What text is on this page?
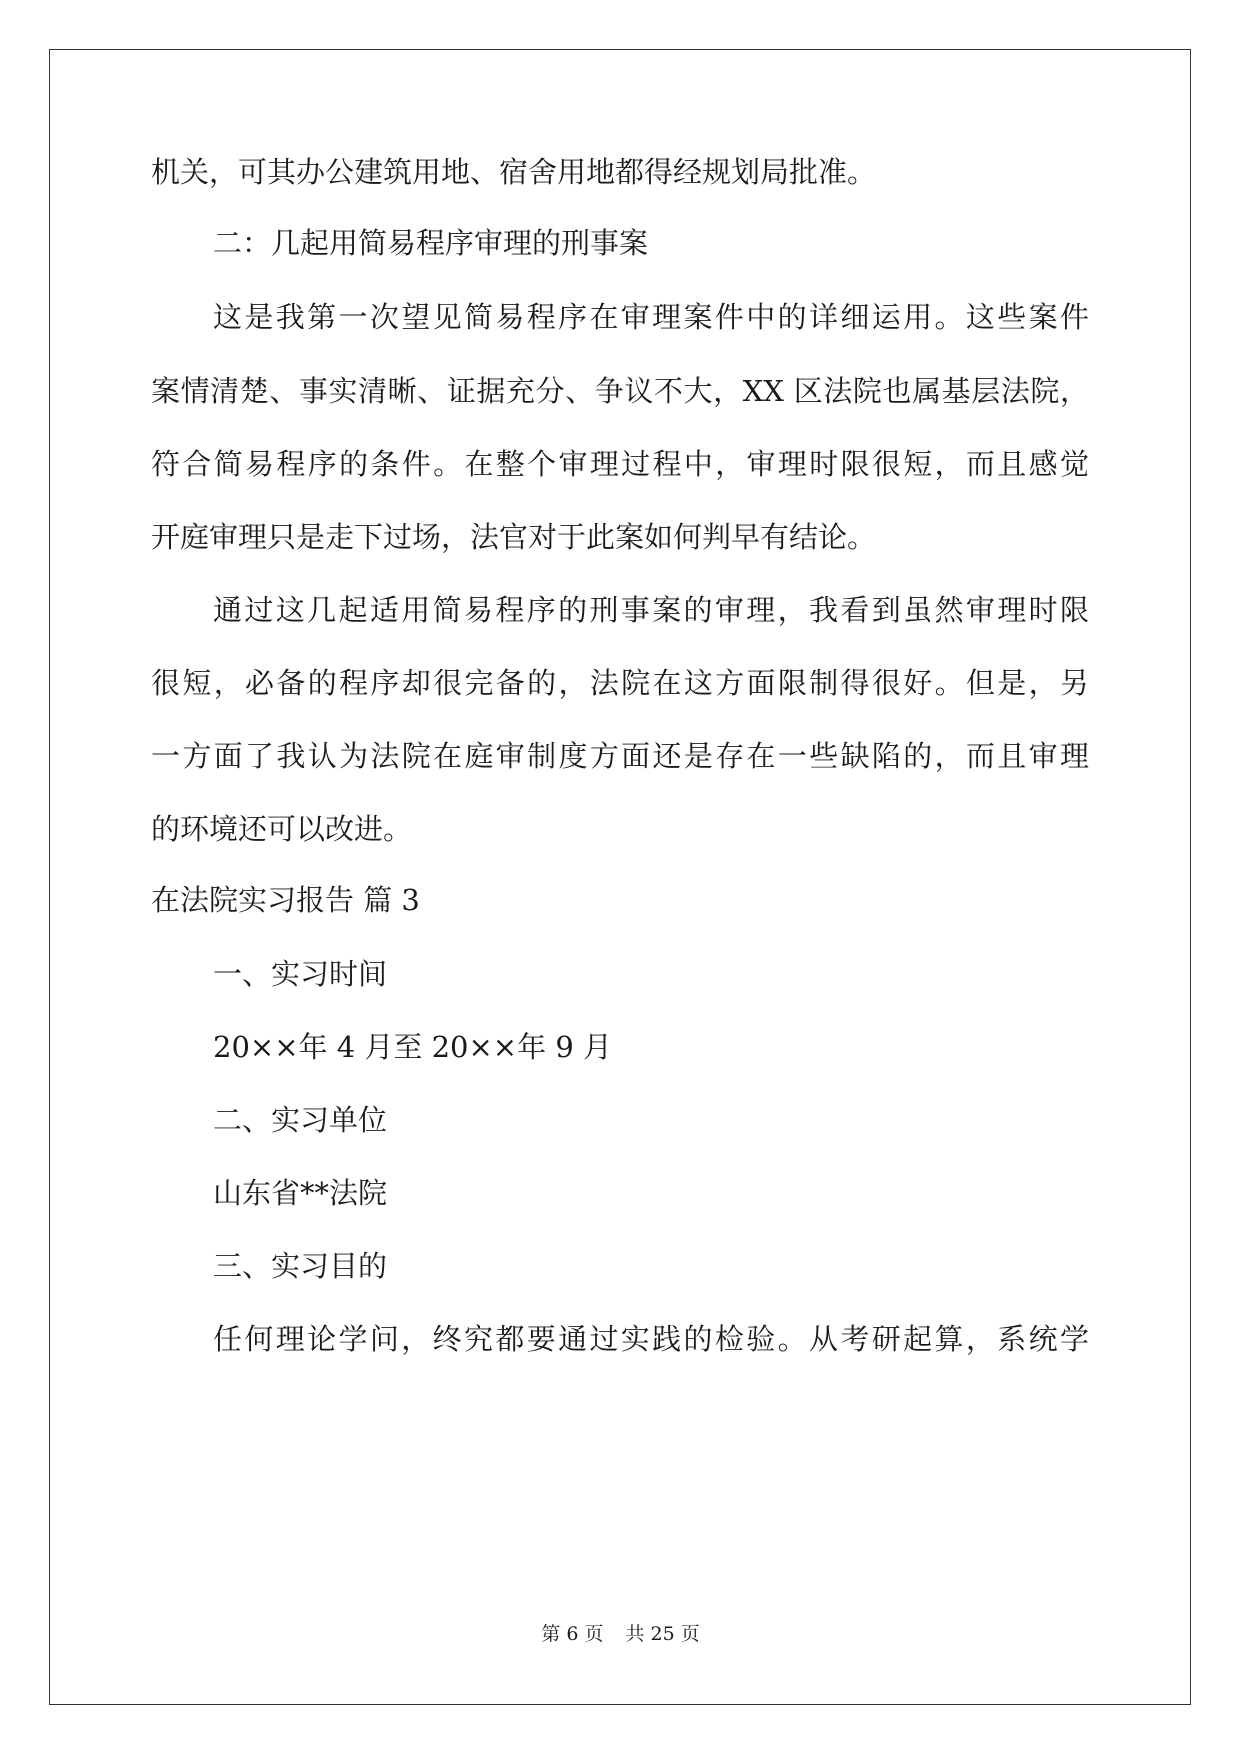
机关，可其办公建筑用地、宿舍用地都得经规划局批准。
二：几起用简易程序审理的刑事案
这是我第一次望见简易程序在审理案件中的详细运用。这些案件
案情清楚、事实清晰、证据充分、争议不大，XX 区法院也属基层法院，
符合简易程序的条件。在整个审理过程中，审理时限很短，而且感觉
开庭审理只是走下过场，法官对于此案如何判早有结论。
通过这几起适用简易程序的刑事案的审理，我看到虽然审理时限
很短，必备的程序却很完备的，法院在这方面限制得很好。但是，另
一方面了我认为法院在庭审制度方面还是存在一些缺陷的，而且审理
的环境还可以改进。
在法院实习报告 篇 3
一、实习时间
20××年 4 月至 20××年 9 月
二、实习单位
山东省**法院
三、实习目的
任何理论学问，终究都要通过实践的检验。从考研起算，系统学
第 6 页 共 25 页
